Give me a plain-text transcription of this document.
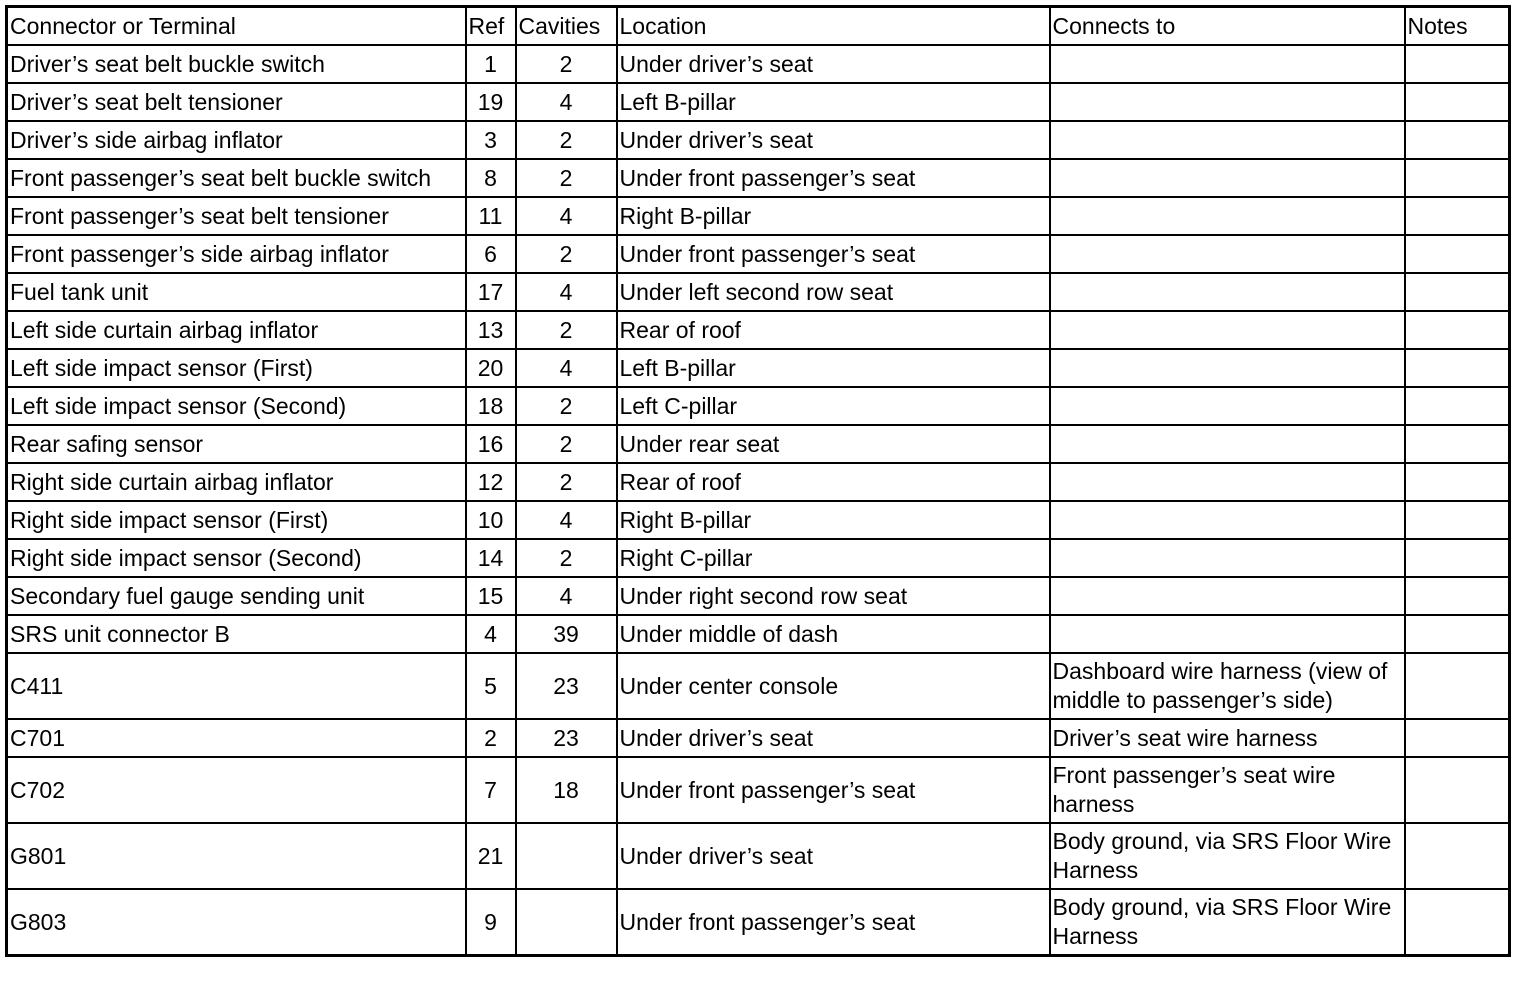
Connector or Terminal	Ref	Cavities	Location	Connects to	Notes
Driver’s seat belt buckle switch	1	2	Under driver’s seat		
Driver’s seat belt tensioner	19	4	Left B-pillar		
Driver’s side airbag inflator	3	2	Under driver’s seat		
Front passenger’s seat belt buckle switch	8	2	Under front passenger’s seat		
Front passenger’s seat belt tensioner	11	4	Right B-pillar		
Front passenger’s side airbag inflator	6	2	Under front passenger’s seat		
Fuel tank unit	17	4	Under left second row seat		
Left side curtain airbag inflator	13	2	Rear of roof		
Left side impact sensor (First)	20	4	Left B-pillar		
Left side impact sensor (Second)	18	2	Left C-pillar		
Rear safing sensor	16	2	Under rear seat		
Right side curtain airbag inflator	12	2	Rear of roof		
Right side impact sensor (First)	10	4	Right B-pillar		
Right side impact sensor (Second)	14	2	Right C-pillar		
Secondary fuel gauge sending unit	15	4	Under right second row seat		
SRS unit connector B	4	39	Under middle of dash		
C411	5	23	Under center console	Dashboard wire harness (view of middle to passenger’s side)	
C701	2	23	Under driver’s seat	Driver’s seat wire harness	
C702	7	18	Under front passenger’s seat	Front passenger’s seat wire harness	
G801	21		Under driver’s seat	Body ground, via SRS Floor Wire Harness	
G803	9		Under front passenger’s seat	Body ground, via SRS Floor Wire Harness	
